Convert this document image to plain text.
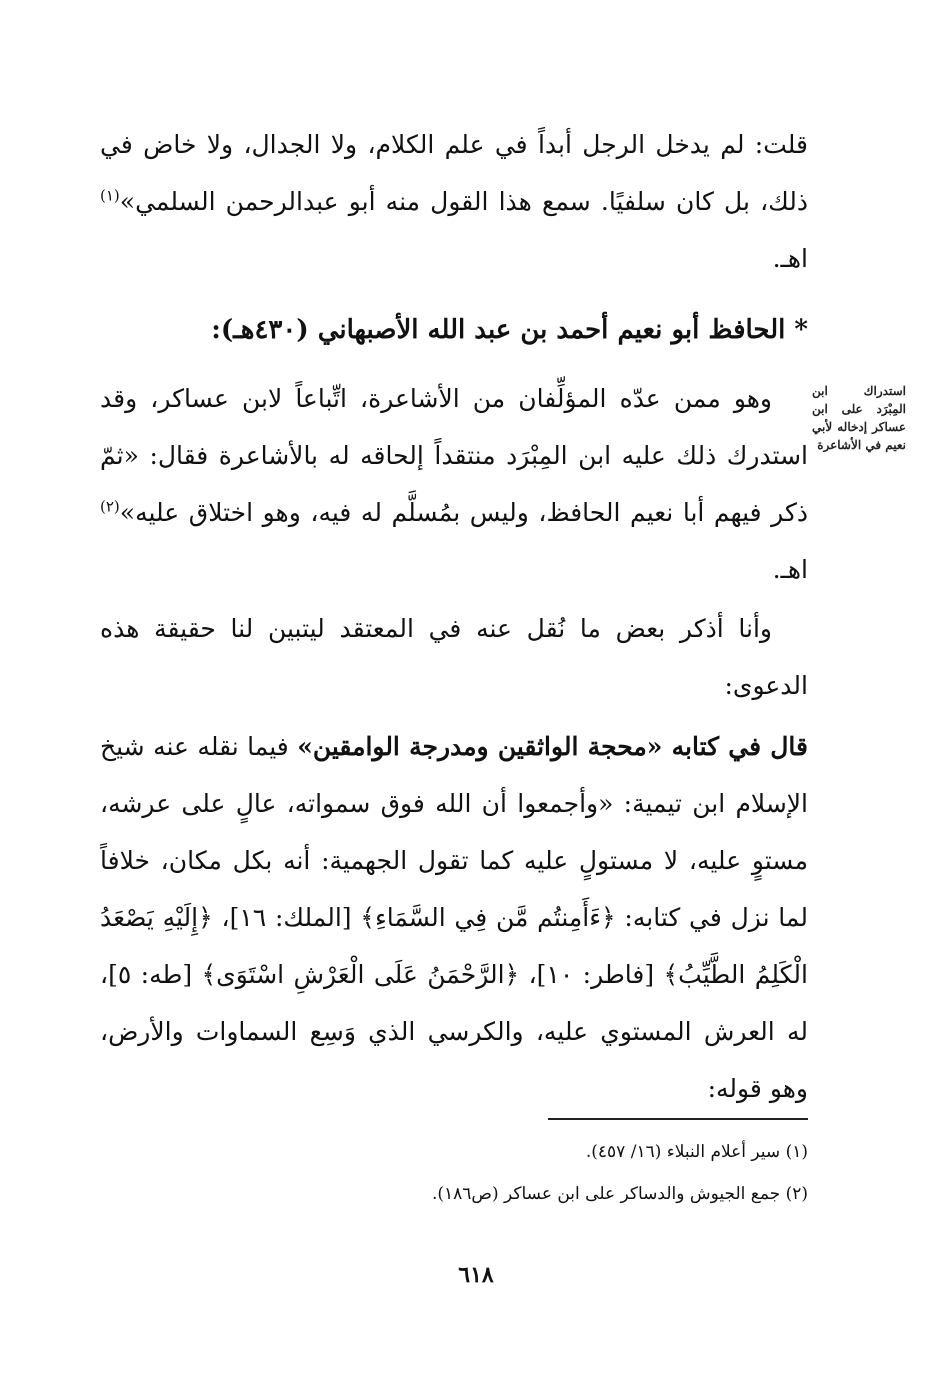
قلت: لم يدخل الرجل أبداً في علم الكلام، ولا الجدال، ولا خاض في ذلك، بل كان سلفيًا. سمع هذا القول منه أبو عبدالرحمن السلمي»$^{(١)}$ اهـ.

* الحافظ أبو نعيم أحمد بن عبد الله الأصبهاني (٤٣٠هـ):
استدراك ابن المِبْرَد على ابن عساكر إدخاله لأبي نعيم في الأشاعرة

وهو ممن عدّه المؤلِّفان من الأشاعرة، اتِّباعاً لابن عساكر، وقد استدرك ذلك عليه ابن المِبْرَد منتقداً إلحاقه له بالأشاعرة فقال: «ثمّ ذكر فيهم أبا نعيم الحافظ، وليس بمُسلَّم له فيه، وهو اختلاق عليه»$^{(٢)}$ اهـ.

وأنا أذكر بعض ما نُقل عنه في المعتقد ليتبين لنا حقيقة هذه الدعوى:

قال في كتابه «محجة الواثقين ومدرجة الوامقين» فيما نقله عنه شيخ الإسلام ابن تيمية: «وأجمعوا أن الله فوق سمواته، عالٍ على عرشه، مستوٍ عليه، لا مستولٍ عليه كما تقول الجهمية: أنه بكل مكان، خلافاً لما نزل في كتابه: ﴿ءَأَمِنتُم مَّن فِي السَّمَاءِ﴾ [الملك: ١٦]، ﴿إِلَيْهِ يَصْعَدُ الْكَلِمُ الطَّيِّبُ﴾ [فاطر: ١٠]، ﴿الرَّحْمَنُ عَلَى الْعَرْشِ اسْتَوَى﴾ [طه: ٥]، له العرش المستوي عليه، والكرسي الذي وَسِع السماوات والأرض، وهو قوله:

(١) سير أعلام النبلاء (١٦/ ٤٥٧).
(٢) جمع الجيوش والدساكر على ابن عساكر (ص١٨٦).
٦١٨
